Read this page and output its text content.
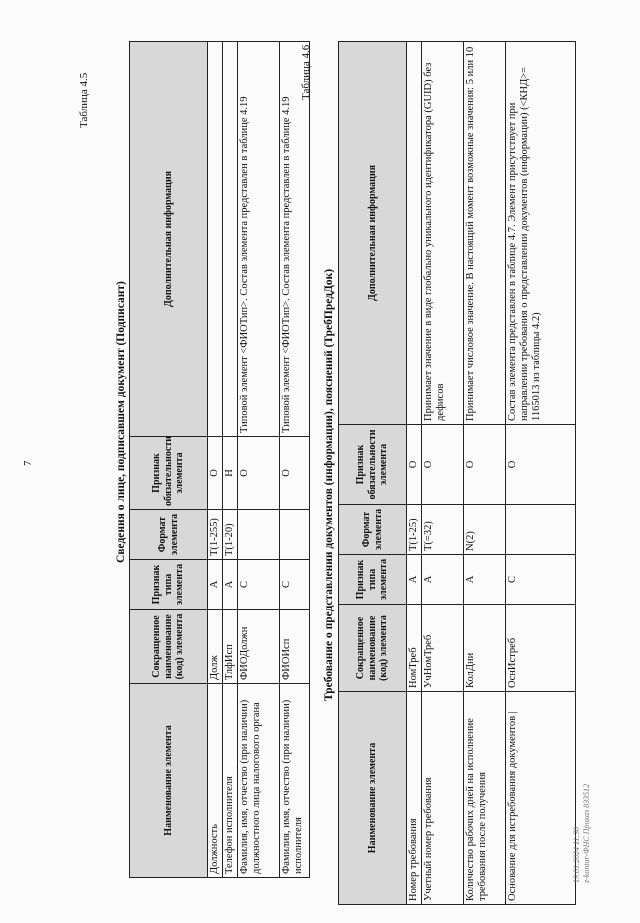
7
Таблица 4.5
Сведения о лице, подписавшем документ (Подписант)
Наименование элемента	Сокращенное наименование (код) элемента	Признак типа элемента	Формат элемента	Признак обязательности элемента	Дополнительная информация
Должность	Долж	А	T(1-255)	О	
Телефон исполнителя	ТлфИсп	А	T(1-20)	Н	
Фамилия, имя, отчество (при наличии) должностного лица налогового органа	ФИОДолжн	С		О	Типовой элемент <ФИОТип>. Состав элемента представлен в таблице 4.19
Фамилия, имя, отчество (при наличии) исполнителя	ФИОИсп	С		О	Типовой элемент <ФИОТип>. Состав элемента представлен в таблице 4.19
Таблица 4.6
Требование о представлении документов (информации), пояснений (ТребПредДок)
Наименование элемента	Сокращенное наименование (код) элемента	Признак типа элемента	Формат элемента	Признак обязательности элемента	Дополнительная информация
Номер требования	НомТреб	А	T(1-25)	О	
Учетный номер требования	УчНомТреб	А	T(=32)	О	Принимает значение в виде глобально уникального идентификатора (GUID) без дефисов
Количество рабочих дней на исполнение требования после получения	КолДни	А	N(2)	О	Принимает числовое значение. В настоящий момент возможные значения: 5 или 10
Основание для истребования документов |	ОснИстреб	С		О	Состав элемента представлен в таблице 4.7. Элемент присутствует при направлении требования о представлении документов (информации) (<КНД>= 1165013 из таблицы 4.2)
19.01.2024 11:30 z-kontur-ФНС Приказ 833512
